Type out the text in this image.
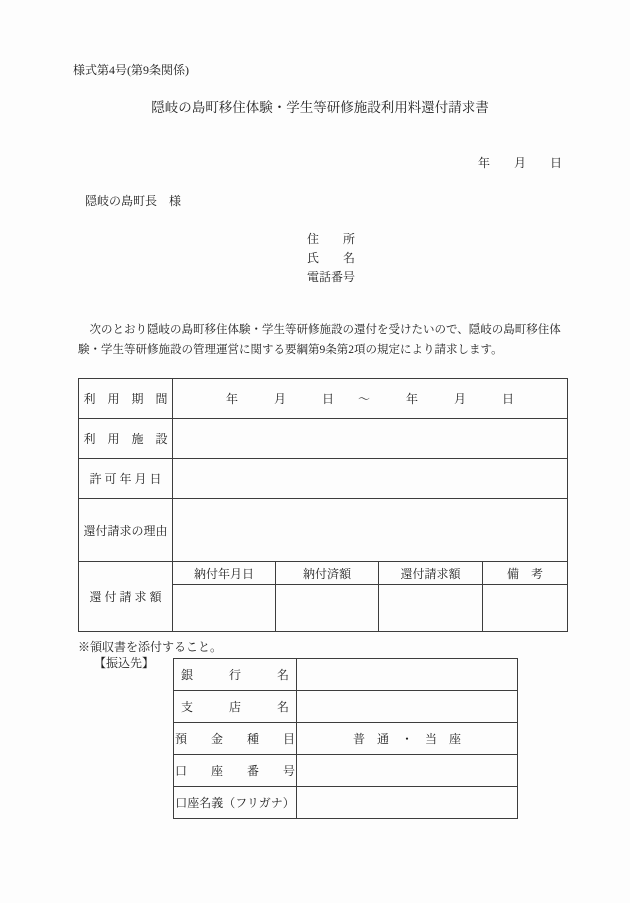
様式第4号(第9条関係)
隠岐の島町移住体験・学生等研修施設利用料還付請求書
年　　月　　日
隠岐の島町長　様
住　　所
氏　　名
電話番号
　次のとおり隠岐の島町移住体験・学生等研修施設の還付を受けたいので、隠岐の島町移住体
験・学生等研修施設の管理運営に関する要綱第9条第2項の規定により請求します。
利　用　期　間	年　　　月　　　日　　～　　　年　　　月　　　日			
利　用　施　設				
許 可 年 月 日				
還付請求の理由				
還 付 請 求 額	納付年月日	納付済額	還付請求額	備　考

※領収書を添付すること。
【振込先】
銀　　　行　　　名	
支　　　店　　　名	
預　　金　　種　　目	普　通　・　当　座
口　　座　　番　　号	
口座名義（フリガナ）	
